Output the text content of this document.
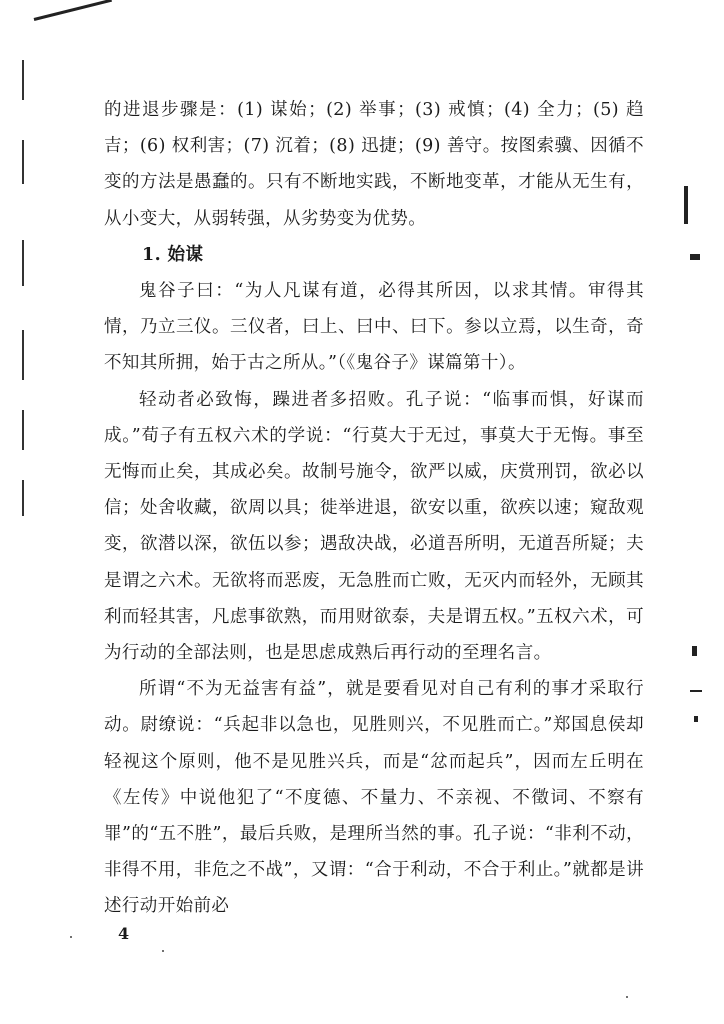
的进退步骤是：(1) 谋始；(2) 举事；(3) 戒慎；(4) 全力；(5) 趋吉；(6) 权利害；(7) 沉着；(8) 迅捷；(9) 善守。按图索骥、因循不变的方法是愚蠢的。只有不断地实践，不断地变革，才能从无生有，从小变大，从弱转强，从劣势变为优势。

1. 始谋

鬼谷子曰：“为人凡谋有道，必得其所因，以求其情。审得其情，乃立三仪。三仪者，曰上、曰中、曰下。参以立焉，以生奇，奇不知其所拥，始于古之所从。”（《鬼谷子》谋篇第十）。

轻动者必致悔，躁进者多招败。孔子说：“临事而惧，好谋而成。”荀子有五权六术的学说：“行莫大于无过，事莫大于无悔。事至无悔而止矣，其成必矣。故制号施令，欲严以威，庆赏刑罚，欲必以信；处舍收藏，欲周以具；徙举进退，欲安以重，欲疾以速；窥敌观变，欲潜以深，欲伍以参；遇敌决战，必道吾所明，无道吾所疑；夫是谓之六术。无欲将而恶废，无急胜而亡败，无灭内而轻外，无顾其利而轻其害，凡虑事欲熟，而用财欲泰，夫是谓五权。”五权六术，可为行动的全部法则，也是思虑成熟后再行动的至理名言。

所谓“不为无益害有益”，就是要看见对自己有利的事才采取行动。尉缭说：“兵起非以急也，见胜则兴，不见胜而亡。”郑国息侯却轻视这个原则，他不是见胜兴兵，而是“忿而起兵”，因而左丘明在《左传》中说他犯了“不度德、不量力、不亲视、不徵词、不察有罪”的“五不胜”，最后兵败，是理所当然的事。孔子说：“非利不动，非得不用，非危之不战”，又谓：“合于利动，不合于利止。”就都是讲述行动开始前必

4
